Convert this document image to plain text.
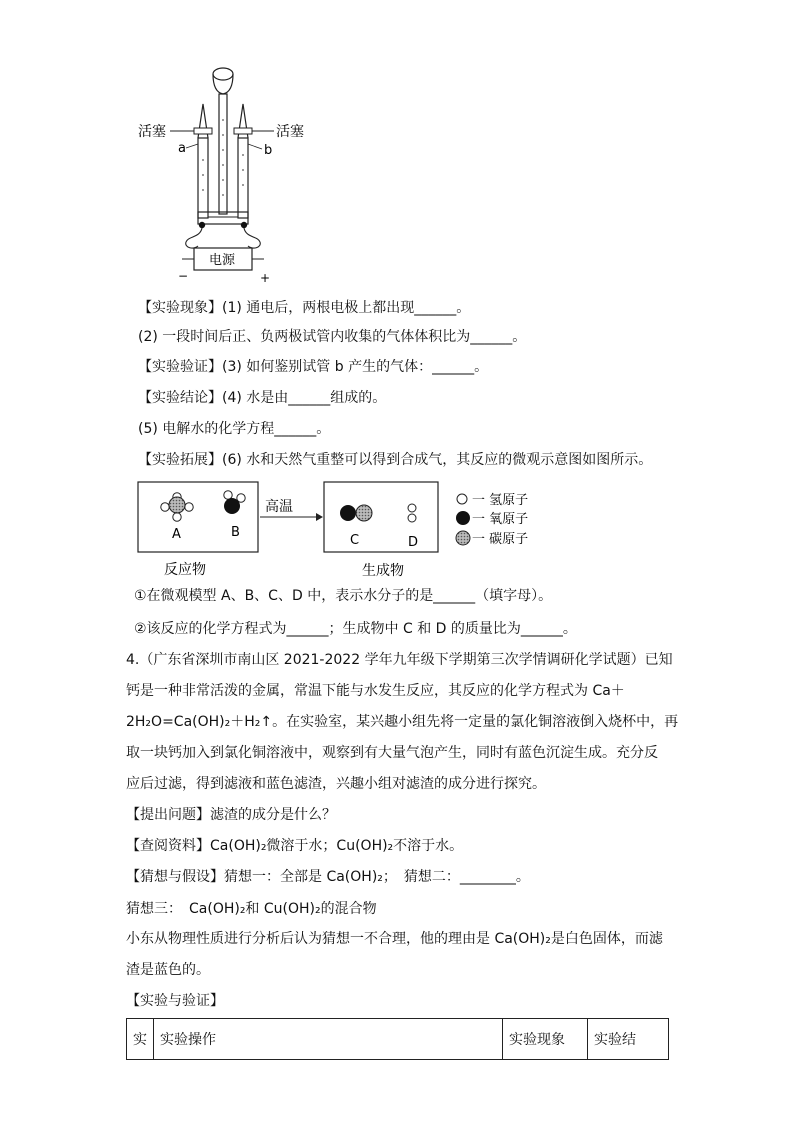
活塞	活塞
a	b
电源
−	+
【实验现象】(1) 通电后，两根电极上都出现______。
(2) 一段时间后正、负两极试管内收集的气体体积比为______。
【实验验证】(3) 如何鉴别试管 b 产生的气体：______。
【实验结论】(4) 水是由______组成的。
(5) 电解水的化学方程______。
【实验拓展】(6) 水和天然气重整可以得到合成气，其反应的微观示意图如图所示。
A	B
高温
C	D
一 氢原子
一 氧原子
一 碳原子
反应物	生成物
①在微观模型 A、B、C、D 中，表示水分子的是______（填字母）。
②该反应的化学方程式为______；生成物中 C 和 D 的质量比为______。
4.（广东省深圳市南山区 2021-2022 学年九年级下学期第三次学情调研化学试题）已知
钙是一种非常活泼的金属，常温下能与水发生反应，其反应的化学方程式为 Ca＋
2H₂O=Ca(OH)₂＋H₂↑。在实验室，某兴趣小组先将一定量的氯化铜溶液倒入烧杯中，再
取一块钙加入到氯化铜溶液中，观察到有大量气泡产生，同时有蓝色沉淀生成。充分反
应后过滤，得到滤液和蓝色滤渣，兴趣小组对滤渣的成分进行探究。
【提出问题】滤渣的成分是什么？
【查阅资料】Ca(OH)₂微溶于水；Cu(OH)₂不溶于水。
【猜想与假设】猜想一：全部是 Ca(OH)₂；　猜想二：________。
猜想三：　Ca(OH)₂和 Cu(OH)₂的混合物
小东从物理性质进行分析后认为猜想一不合理，他的理由是 Ca(OH)₂是白色固体，而滤
渣是蓝色的。
【实验与验证】
实	实验操作	实验现象	实验结
